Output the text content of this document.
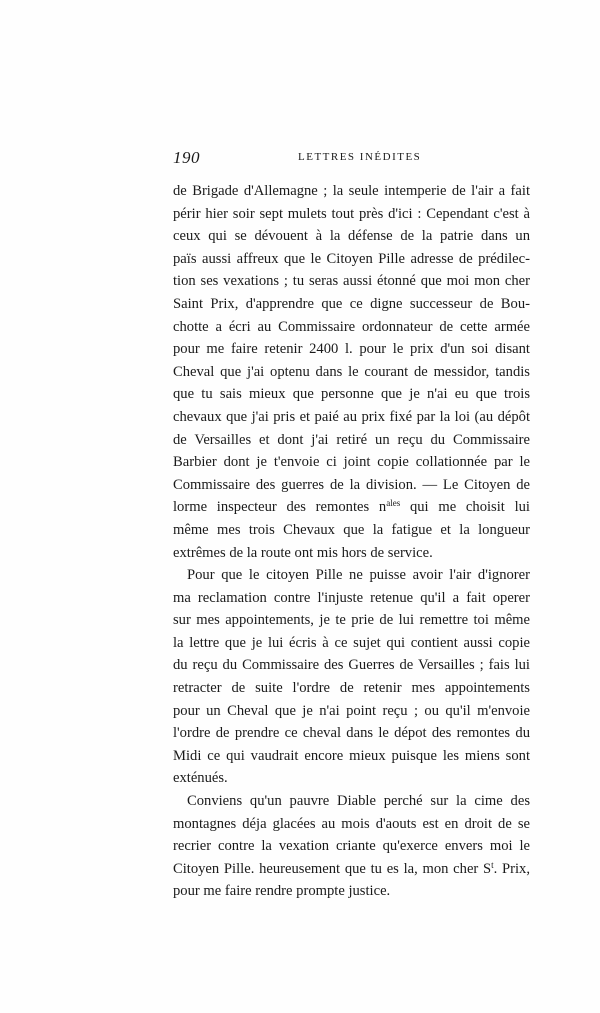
190	LETTRES INÉDITES
de Brigade d'Allemagne ; la seule intemperie de l'air a fait
périr hier soir sept mulets tout près d'ici : Cependant c'est à
ceux qui se dévouent à la défense de la patrie dans un
païs aussi affreux que le Citoyen Pille adresse de prédilec-
tion ses vexations ; tu seras aussi étonné que moi mon cher
Saint Prix, d'apprendre que ce digne successeur de Bou-
chotte a écri au Commissaire ordonnateur de cette armée
pour me faire retenir 2400 l. pour le prix d'un soi disant
Cheval que j'ai optenu dans le courant de messidor, tandis
que tu sais mieux que personne que je n'ai eu que trois
chevaux que j'ai pris et paié au prix fixé par la loi (au dépôt
de Versailles et dont j'ai retiré un reçu du Commissaire
Barbier dont je t'envoie ci joint copie collationnée par le
Commissaire des guerres de la division. — Le Citoyen de
lorme inspecteur des remontes $n^{ales}$ qui me choisit lui
même mes trois Chevaux que la fatigue et la longueur
extrêmes de la route ont mis hors de service.
Pour que le citoyen Pille ne puisse avoir l'air d'ignorer
ma reclamation contre l'injuste retenue qu'il a fait operer
sur mes appointements, je te prie de lui remettre toi même
la lettre que je lui écris à ce sujet qui contient aussi copie
du reçu du Commissaire des Guerres de Versailles ; fais lui
retracter de suite l'ordre de retenir mes appointements
pour un Cheval que je n'ai point reçu ; ou qu'il m'envoie
l'ordre de prendre ce cheval dans le dépot des remontes du
Midi ce qui vaudrait encore mieux puisque les miens sont
exténués.
Conviens qu'un pauvre Diable perché sur la cime des
montagnes déja glacées au mois d'aouts est en droit de se
recrier contre la vexation criante qu'exerce envers moi le
Citoyen Pille. heureusement que tu es la, mon cher $S^t$. Prix,
pour me faire rendre prompte justice.
